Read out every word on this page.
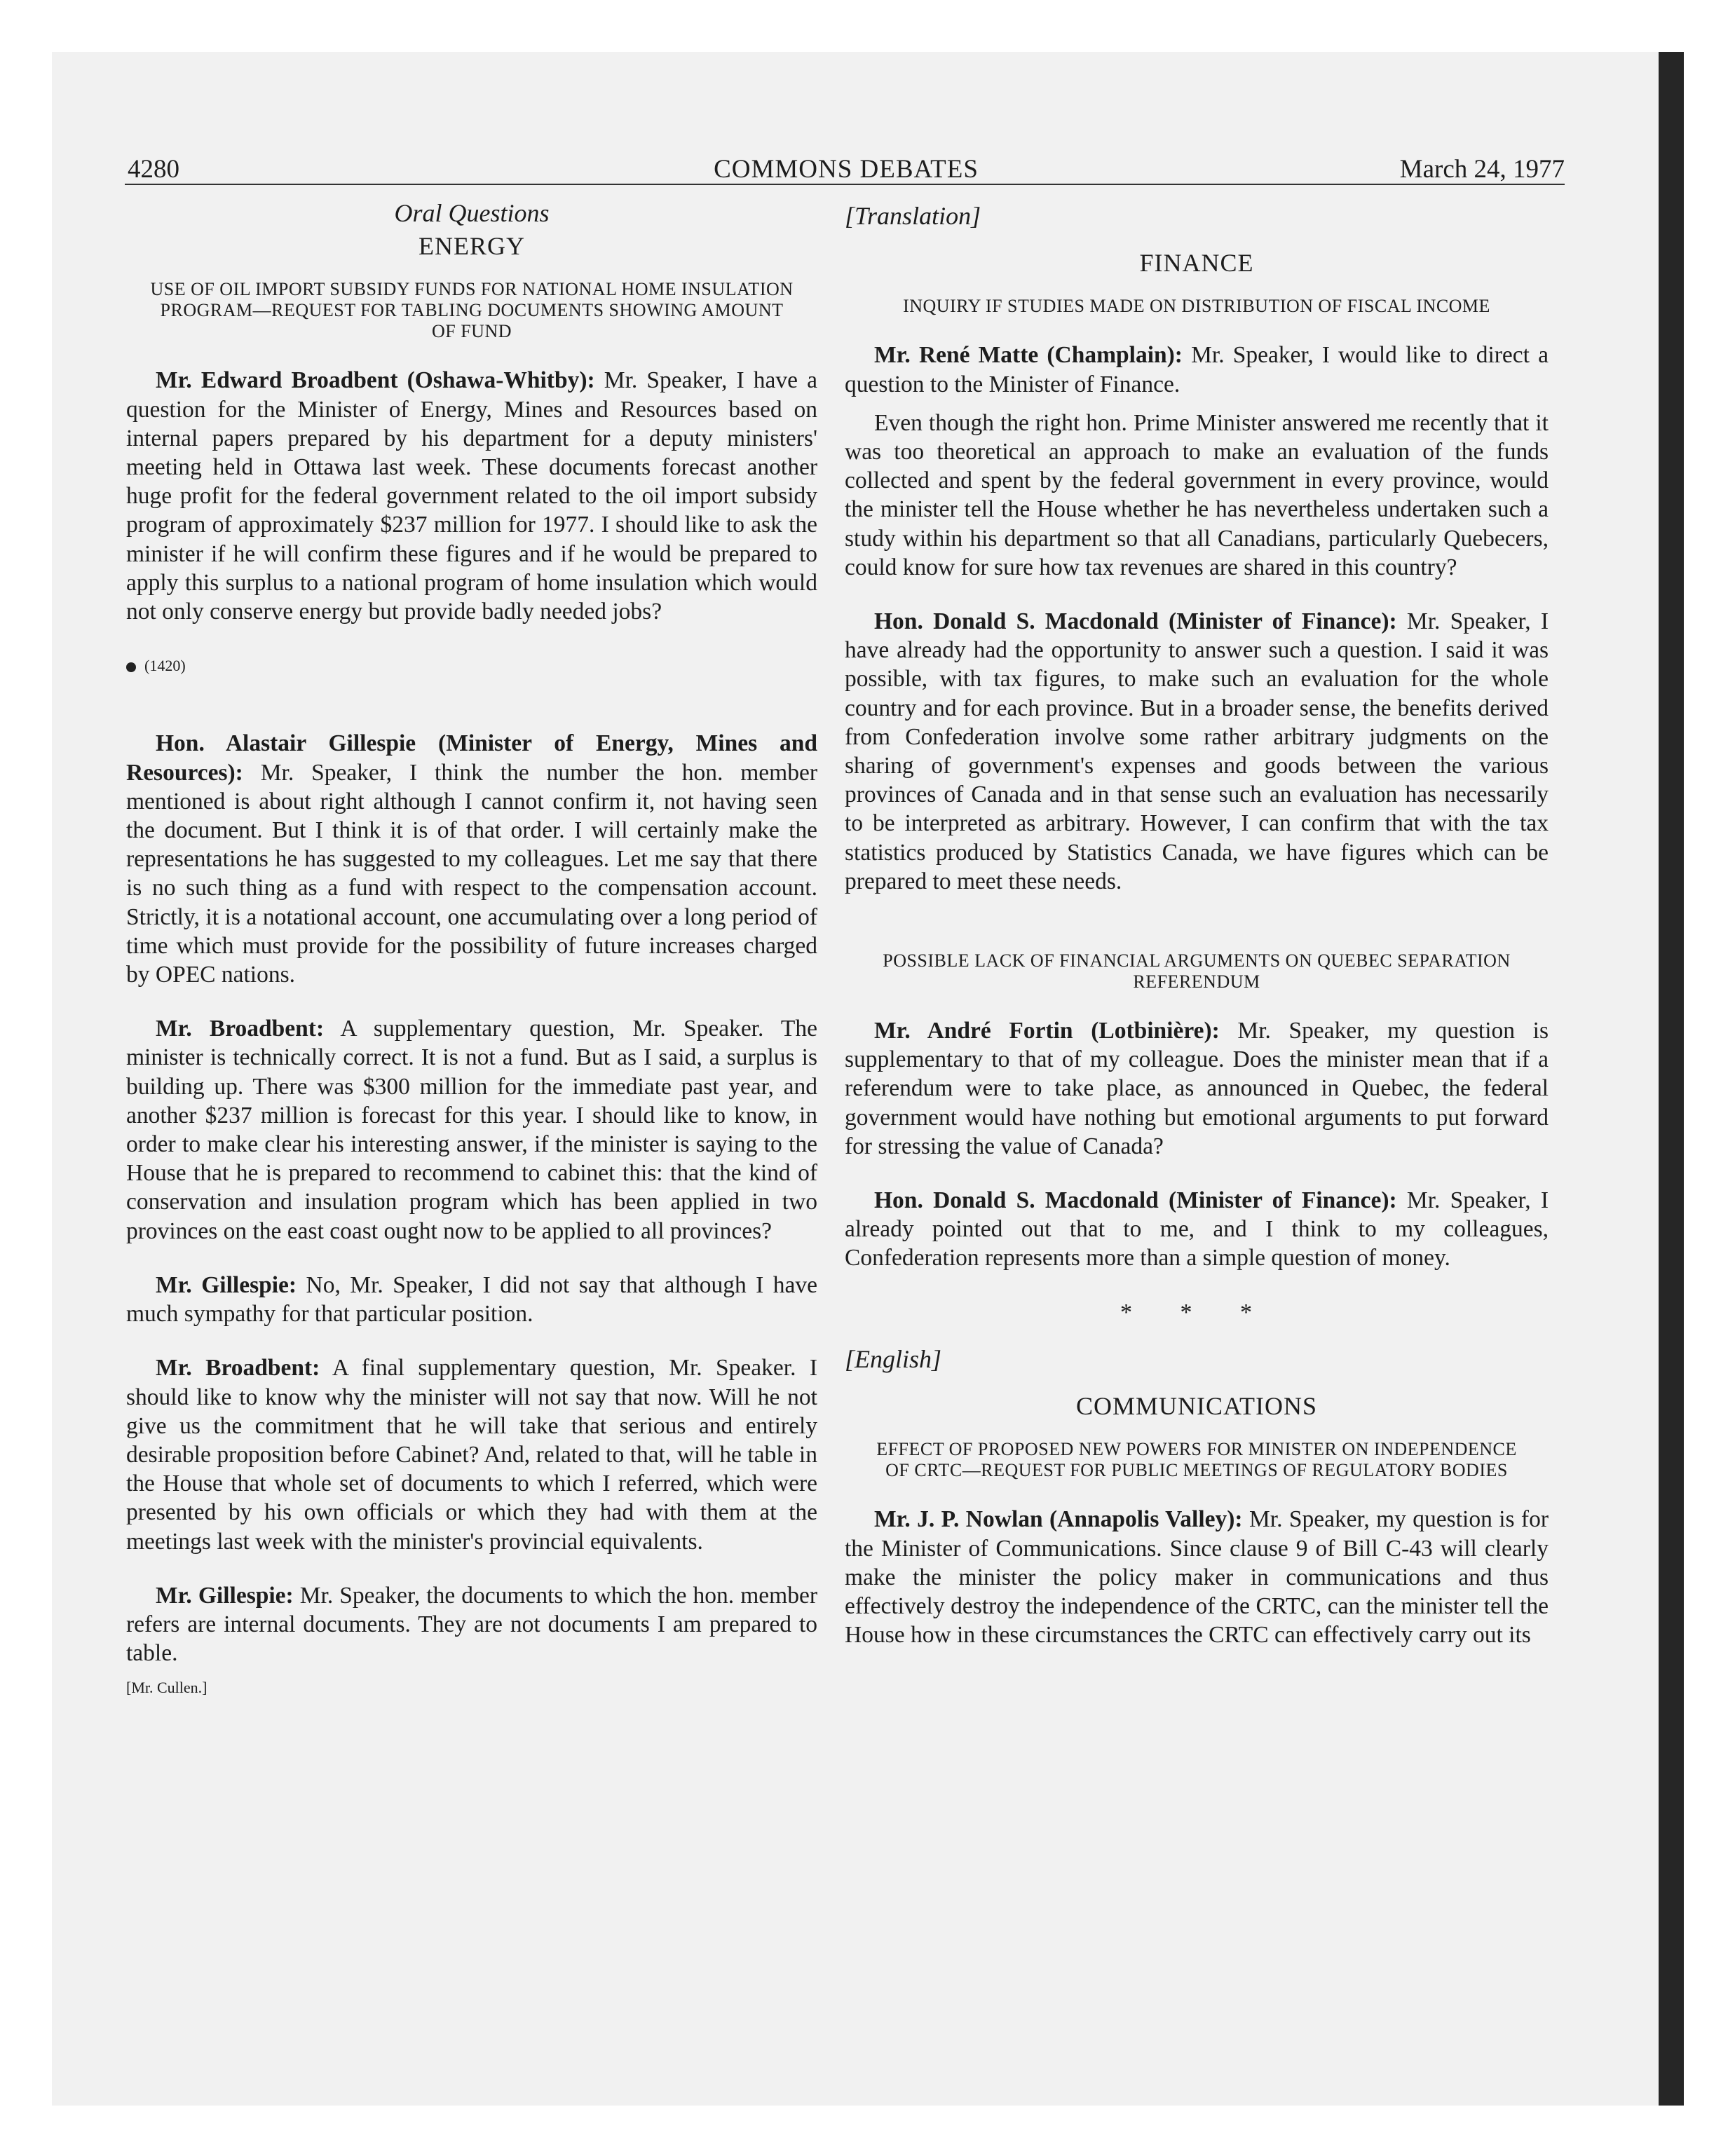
4280	COMMONS DEBATES	March 24, 1977
Oral Questions
ENERGY
USE OF OIL IMPORT SUBSIDY FUNDS FOR NATIONAL HOME INSULATION PROGRAM—REQUEST FOR TABLING DOCUMENTS SHOWING AMOUNT OF FUND

Mr. Edward Broadbent (Oshawa-Whitby): Mr. Speaker, I have a question for the Minister of Energy, Mines and Resources based on internal papers prepared by his department for a deputy ministers' meeting held in Ottawa last week. These documents forecast another huge profit for the federal government related to the oil import subsidy program of approximately $237 million for 1977. I should like to ask the minister if he will confirm these figures and if he would be prepared to apply this surplus to a national program of home insulation which would not only conserve energy but provide badly needed jobs?

(1420)

Hon. Alastair Gillespie (Minister of Energy, Mines and Resources): Mr. Speaker, I think the number the hon. member mentioned is about right although I cannot confirm it, not having seen the document. But I think it is of that order. I will certainly make the representations he has suggested to my colleagues. Let me say that there is no such thing as a fund with respect to the compensation account. Strictly, it is a notational account, one accumulating over a long period of time which must provide for the possibility of future increases charged by OPEC nations.

Mr. Broadbent: A supplementary question, Mr. Speaker. The minister is technically correct. It is not a fund. But as I said, a surplus is building up. There was $300 million for the immediate past year, and another $237 million is forecast for this year. I should like to know, in order to make clear his interesting answer, if the minister is saying to the House that he is prepared to recommend to cabinet this: that the kind of conservation and insulation program which has been applied in two provinces on the east coast ought now to be applied to all provinces?

Mr. Gillespie: No, Mr. Speaker, I did not say that although I have much sympathy for that particular position.

Mr. Broadbent: A final supplementary question, Mr. Speaker. I should like to know why the minister will not say that now. Will he not give us the commitment that he will take that serious and entirely desirable proposition before Cabinet? And, related to that, will he table in the House that whole set of documents to which I referred, which were presented by his own officials or which they had with them at the meetings last week with the minister's provincial equivalents.

Mr. Gillespie: Mr. Speaker, the documents to which the hon. member refers are internal documents. They are not documents I am prepared to table.

[Mr. Cullen.]
[Translation]
FINANCE
INQUIRY IF STUDIES MADE ON DISTRIBUTION OF FISCAL INCOME

Mr. René Matte (Champlain): Mr. Speaker, I would like to direct a question to the Minister of Finance.

Even though the right hon. Prime Minister answered me recently that it was too theoretical an approach to make an evaluation of the funds collected and spent by the federal government in every province, would the minister tell the House whether he has nevertheless undertaken such a study within his department so that all Canadians, particularly Quebecers, could know for sure how tax revenues are shared in this country?

Hon. Donald S. Macdonald (Minister of Finance): Mr. Speaker, I have already had the opportunity to answer such a question. I said it was possible, with tax figures, to make such an evaluation for the whole country and for each province. But in a broader sense, the benefits derived from Confederation involve some rather arbitrary judgments on the sharing of government's expenses and goods between the various provinces of Canada and in that sense such an evaluation has necessarily to be interpreted as arbitrary. However, I can confirm that with the tax statistics produced by Statistics Canada, we have figures which can be prepared to meet these needs.

POSSIBLE LACK OF FINANCIAL ARGUMENTS ON QUEBEC SEPARATION REFERENDUM

Mr. André Fortin (Lotbinière): Mr. Speaker, my question is supplementary to that of my colleague. Does the minister mean that if a referendum were to take place, as announced in Quebec, the federal government would have nothing but emotional arguments to put forward for stressing the value of Canada?

Hon. Donald S. Macdonald (Minister of Finance): Mr. Speaker, I already pointed out that to me, and I think to my colleagues, Confederation represents more than a simple question of money.

* * *
[English]
COMMUNICATIONS
EFFECT OF PROPOSED NEW POWERS FOR MINISTER ON INDEPENDENCE OF CRTC—REQUEST FOR PUBLIC MEETINGS OF REGULATORY BODIES

Mr. J. P. Nowlan (Annapolis Valley): Mr. Speaker, my question is for the Minister of Communications. Since clause 9 of Bill C-43 will clearly make the minister the policy maker in communications and thus effectively destroy the independence of the CRTC, can the minister tell the House how in these circumstances the CRTC can effectively carry out its
